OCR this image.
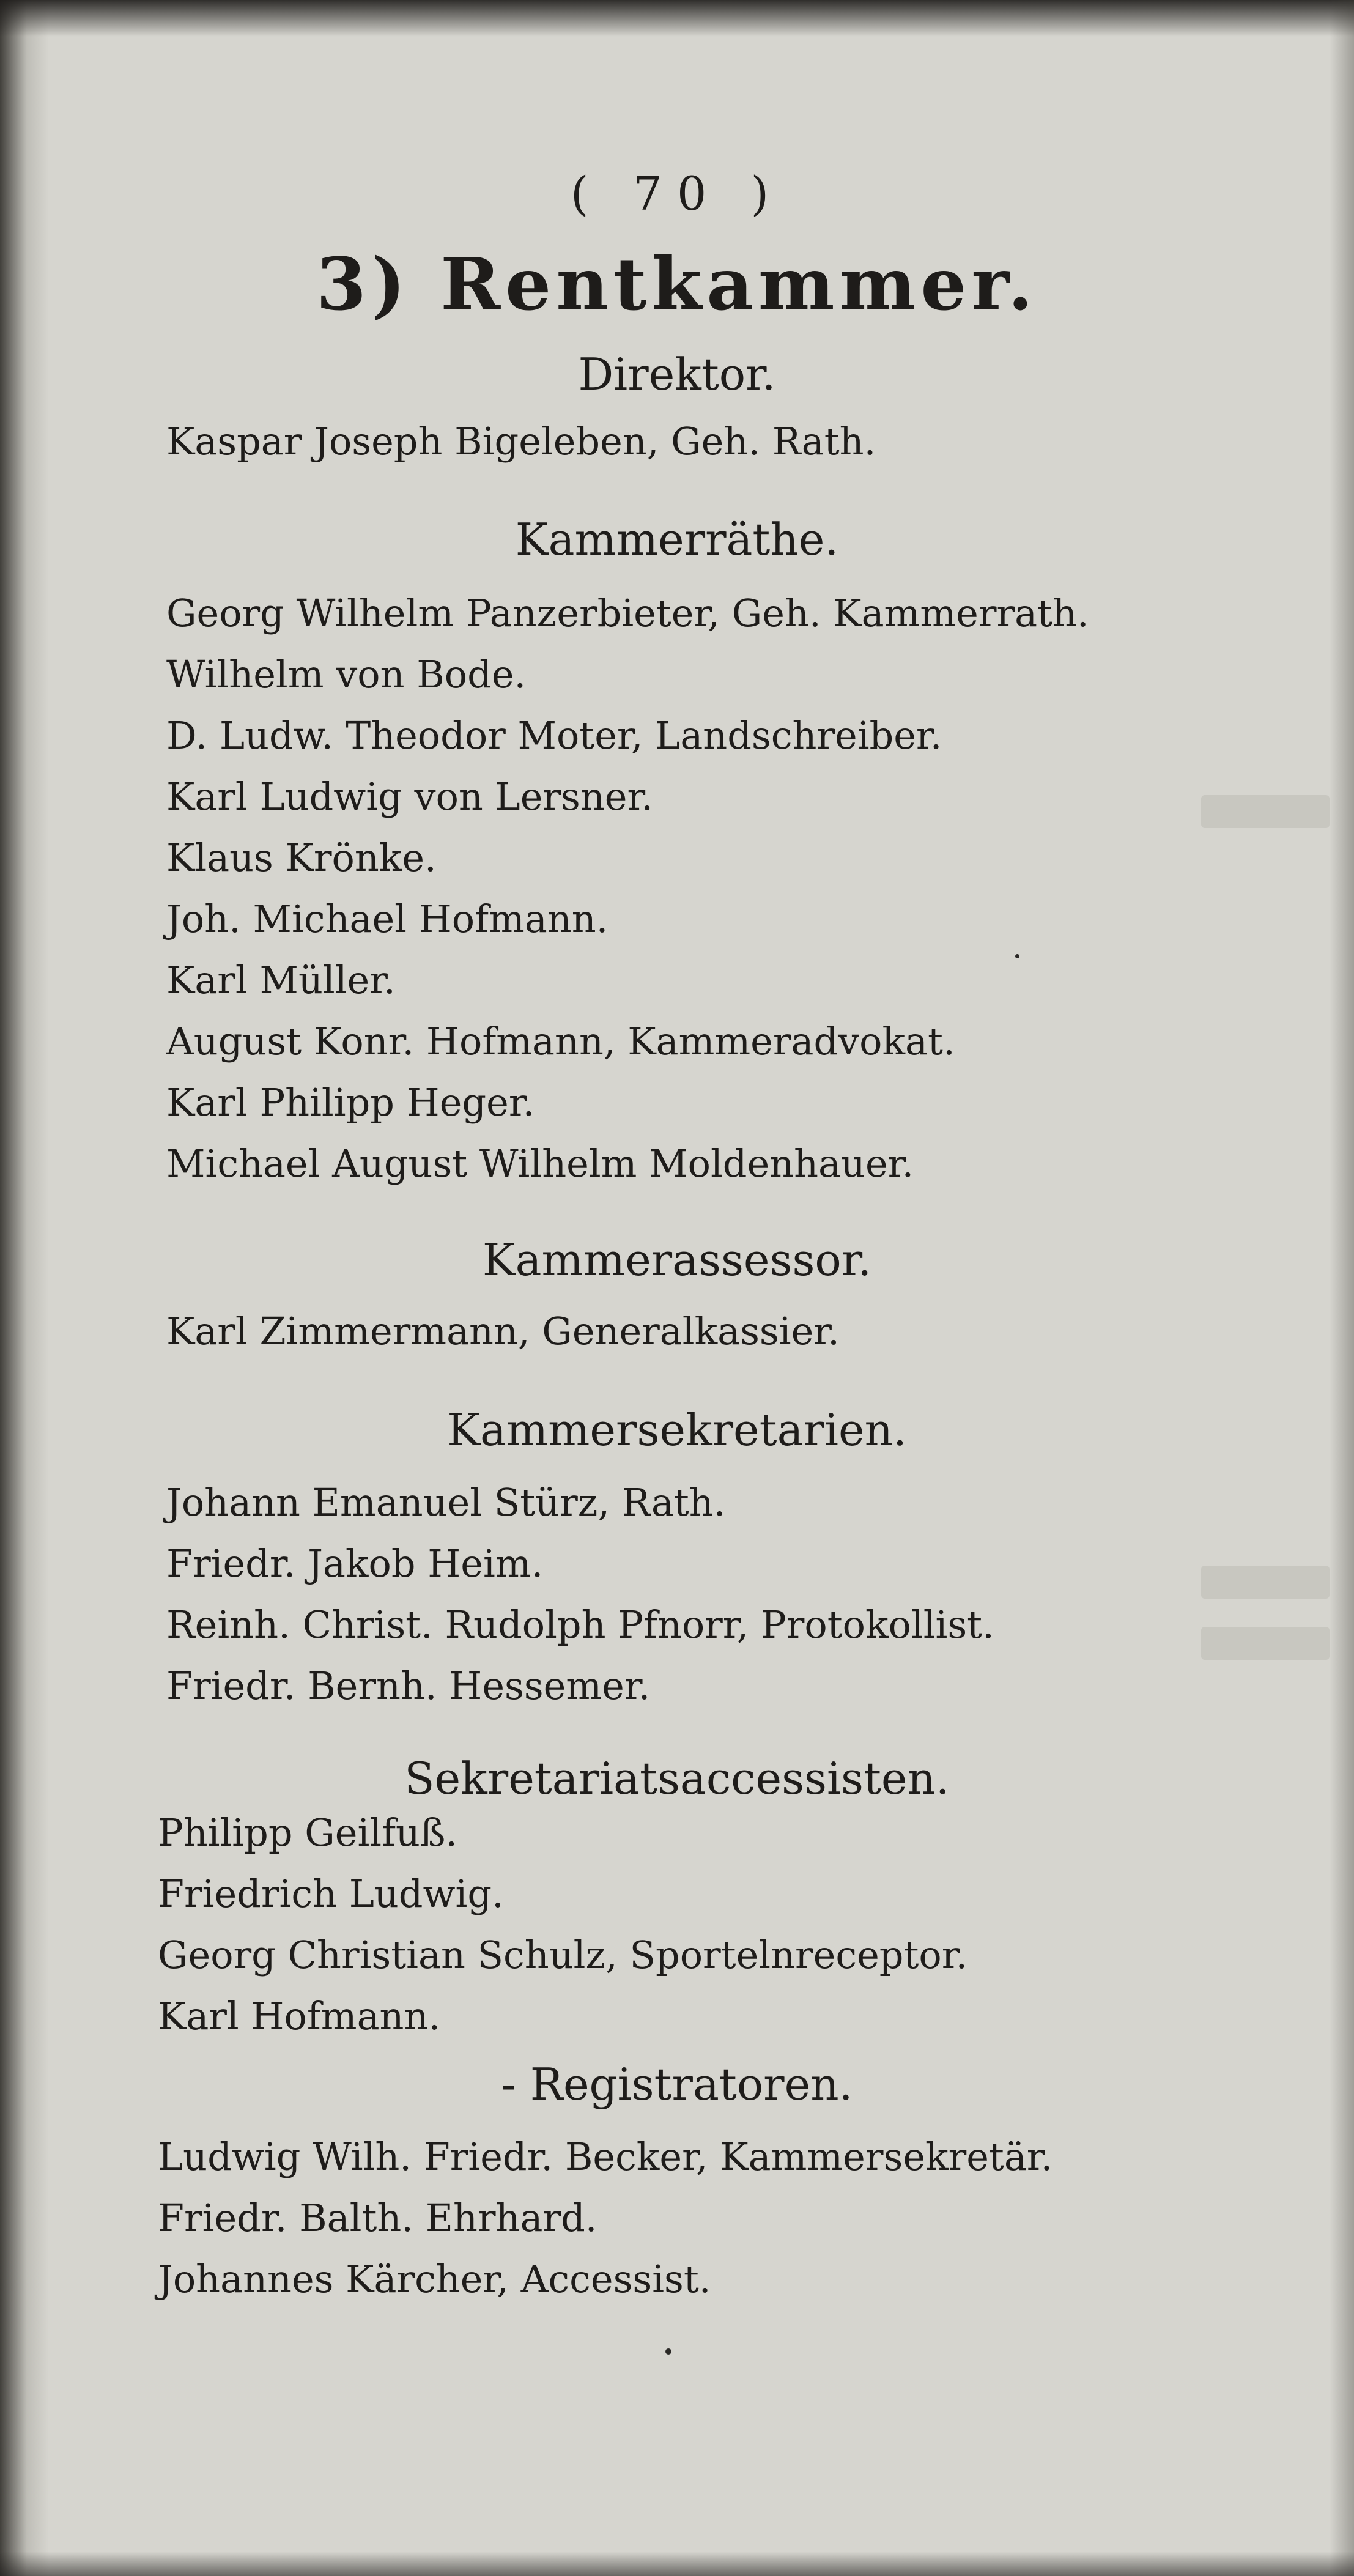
( 70 )
3) Rentkammer.
Direktor.
Kaspar Joseph Bigeleben, Geh. Rath.
Kammerräthe.
Georg Wilhelm Panzerbieter, Geh. Kammerrath.
Wilhelm von Bode.
D. Ludw. Theodor Moter, Landschreiber.
Karl Ludwig von Lersner.
Klaus Krönke.
Joh. Michael Hofmann.
Karl Müller.
August Konr. Hofmann, Kammeradvokat.
Karl Philipp Heger.
Michael August Wilhelm Moldenhauer.
Kammerassessor.
Karl Zimmermann, Generalkassier.
Kammersekretarien.
Johann Emanuel Stürz, Rath.
Friedr. Jakob Heim.
Reinh. Christ. Rudolph Pfnorr, Protokollist.
Friedr. Bernh. Hessemer.
Sekretariatsaccessisten.
Philipp Geilfuß.
Friedrich Ludwig.
Georg Christian Schulz, Sportelnreceptor.
Karl Hofmann.
- Registratoren.
Ludwig Wilh. Friedr. Becker, Kammersekretär.
Friedr. Balth. Ehrhard.
Johannes Kärcher, Accessist.
